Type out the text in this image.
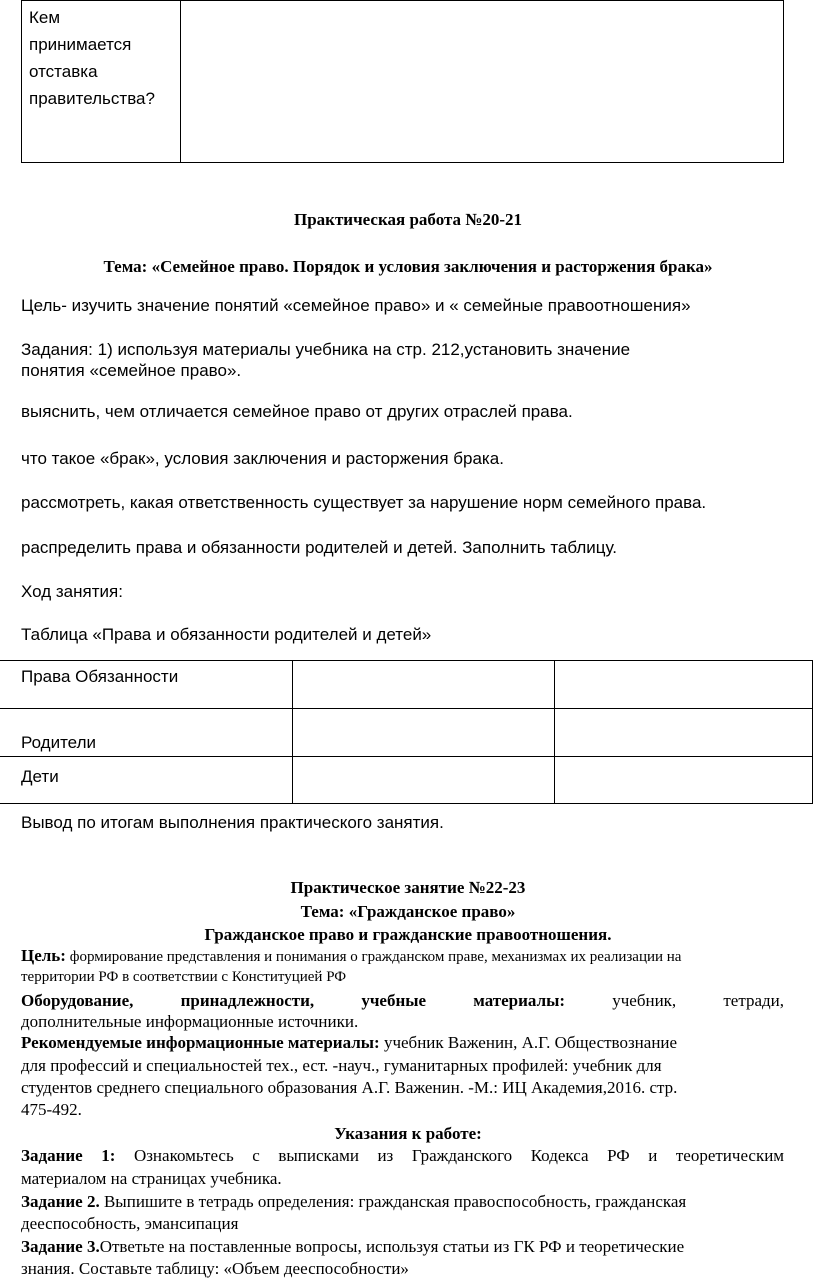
Кем
принимается
отставка
правительства?

Практическая работа №20-21
Тема: «Семейное право. Порядок и условия заключения и расторжения брака»
Цель- изучить значение понятий «семейное право» и « семейные правоотношения»
Задания: 1) используя материалы учебника на стр. 212,установить значение
понятия «семейное право».
выяснить, чем отличается семейное право от других отраслей права.
что такое «брак», условия заключения и расторжения брака.
рассмотреть, какая ответственность существует за нарушение норм семейного права.
распределить права и обязанности родителей и детей. Заполнить таблицу.
Ход занятия:
Таблица «Права и обязанности родителей и детей»
Права Обязанности		

Родители		

Дети		

Вывод по итогам выполнения практического занятия.
Практическое занятие №22-23
Тема: «Гражданское право»
Гражданское право и гражданские правоотношения.
Цель: формирование представления и понимания о гражданском праве, механизмах их реализации на
территории РФ в соответствии с Конституцией РФ
Оборудование,	принадлежности,	учебные	материалы:	учебник,	тетради,
дополнительные информационные источники.
Рекомендуемые информационные материалы: учебник Важенин, А.Г. Обществознание
для профессий и специальностей тех., ест. -науч., гуманитарных профилей: учебник для
студентов среднего специального образования А.Г. Важенин. -М.: ИЦ Академия,2016. стр.
475-492.
Указания к работе:
Задание 1: Ознакомьтесь с выписками из Гражданского Кодекса РФ и теоретическим
материалом на страницах учебника.
Задание 2. Выпишите в тетрадь определения: гражданская правоспособность, гражданская
дееспособность, эмансипация
Задание 3.Ответьте на поставленные вопросы, используя статьи из ГК РФ и теоретические
знания. Составьте таблицу: «Объем дееспособности»
